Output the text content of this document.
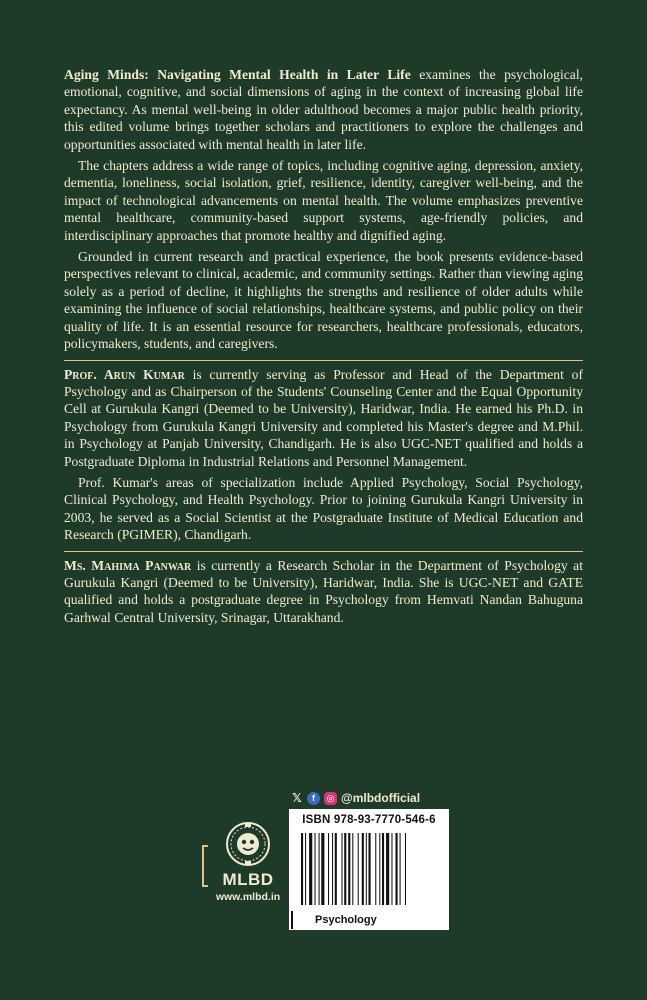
Aging Minds: Navigating Mental Health in Later Life examines the psychological, emotional, cognitive, and social dimensions of aging in the context of increasing global life expectancy. As mental well-being in older adulthood becomes a major public health priority, this edited volume brings together scholars and practitioners to explore the challenges and opportunities associated with mental health in later life.

The chapters address a wide range of topics, including cognitive aging, depression, anxiety, dementia, loneliness, social isolation, grief, resilience, identity, caregiver well-being, and the impact of technological advancements on mental health. The volume emphasizes preventive mental healthcare, community-based support systems, age-friendly policies, and interdisciplinary approaches that promote healthy and dignified aging.

Grounded in current research and practical experience, the book presents evidence-based perspectives relevant to clinical, academic, and community settings. Rather than viewing aging solely as a period of decline, it highlights the strengths and resilience of older adults while examining the influence of social relationships, healthcare systems, and public policy on their quality of life. It is an essential resource for researchers, healthcare professionals, educators, policymakers, students, and caregivers.

Prof. Arun Kumar is currently serving as Professor and Head of the Department of Psychology and as Chairperson of the Students' Counseling Center and the Equal Opportunity Cell at Gurukula Kangri (Deemed to be University), Haridwar, India. He earned his Ph.D. in Psychology from Gurukula Kangri University and completed his Master's degree and M.Phil. in Psychology at Panjab University, Chandigarh. He is also UGC-NET qualified and holds a Postgraduate Diploma in Industrial Relations and Personnel Management.

Prof. Kumar's areas of specialization include Applied Psychology, Social Psychology, Clinical Psychology, and Health Psychology. Prior to joining Gurukula Kangri University in 2003, he served as a Social Scientist at the Postgraduate Institute of Medical Education and Research (PGIMER), Chandigarh.

Ms. Mahima Panwar is currently a Research Scholar in the Department of Psychology at Gurukula Kangri (Deemed to be University), Haridwar, India. She is UGC-NET and GATE qualified and holds a postgraduate degree in Psychology from Hemvati Nandan Bahuguna Garhwal Central University, Srinagar, Uttarakhand.

𝕏	f	◎ @mlbdofficial
MLBD
www.mlbd.in
ISBN 978-93-7770-546-6
Psychology
